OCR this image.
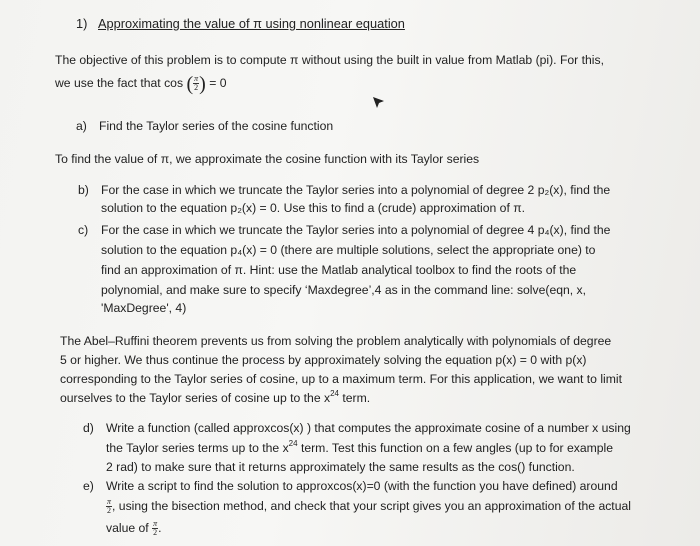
1) Approximating the value of π using nonlinear equation
The objective of this problem is to compute π without using the built in value from Matlab (pi). For this,
we use the fact that cos ( $\frac{\pi}{2}$ ) = 0
a) Find the Taylor series of the cosine function
To find the value of π, we approximate the cosine function with its Taylor series
b) For the case in which we truncate the Taylor series into a polynomial of degree 2 p₂(x), find the
solution to the equation p₂(x) = 0. Use this to find a (crude) approximation of π.
c) For the case in which we truncate the Taylor series into a polynomial of degree 4 p₄(x), find the
solution to the equation p₄(x) = 0 (there are multiple solutions, select the appropriate one) to
find an approximation of π. Hint: use the Matlab analytical toolbox to find the roots of the
polynomial, and make sure to specify ‘Maxdegree’,4 as in the command line: solve(eqn, x,
'MaxDegree', 4)
The Abel–Ruffini theorem prevents us from solving the problem analytically with polynomials of degree
5 or higher. We thus continue the process by approximately solving the equation p(x) = 0 with p(x)
corresponding to the Taylor series of cosine, up to a maximum term. For this application, we want to limit
ourselves to the Taylor series of cosine up to the $x^{24}$ term.
d) Write a function (called approxcos(x) ) that computes the approximate cosine of a number x using
the Taylor series terms up to the $x^{24}$ term. Test this function on a few angles (up to for example
2 rad) to make sure that it returns approximately the same results as the cos() function.
e) Write a script to find the solution to approxcos(x)=0 (with the function you have defined) around
$\frac{\pi}{2}$ , using the bisection method, and check that your script gives you an approximation of the actual
value of $\frac{\pi}{2}$ .
